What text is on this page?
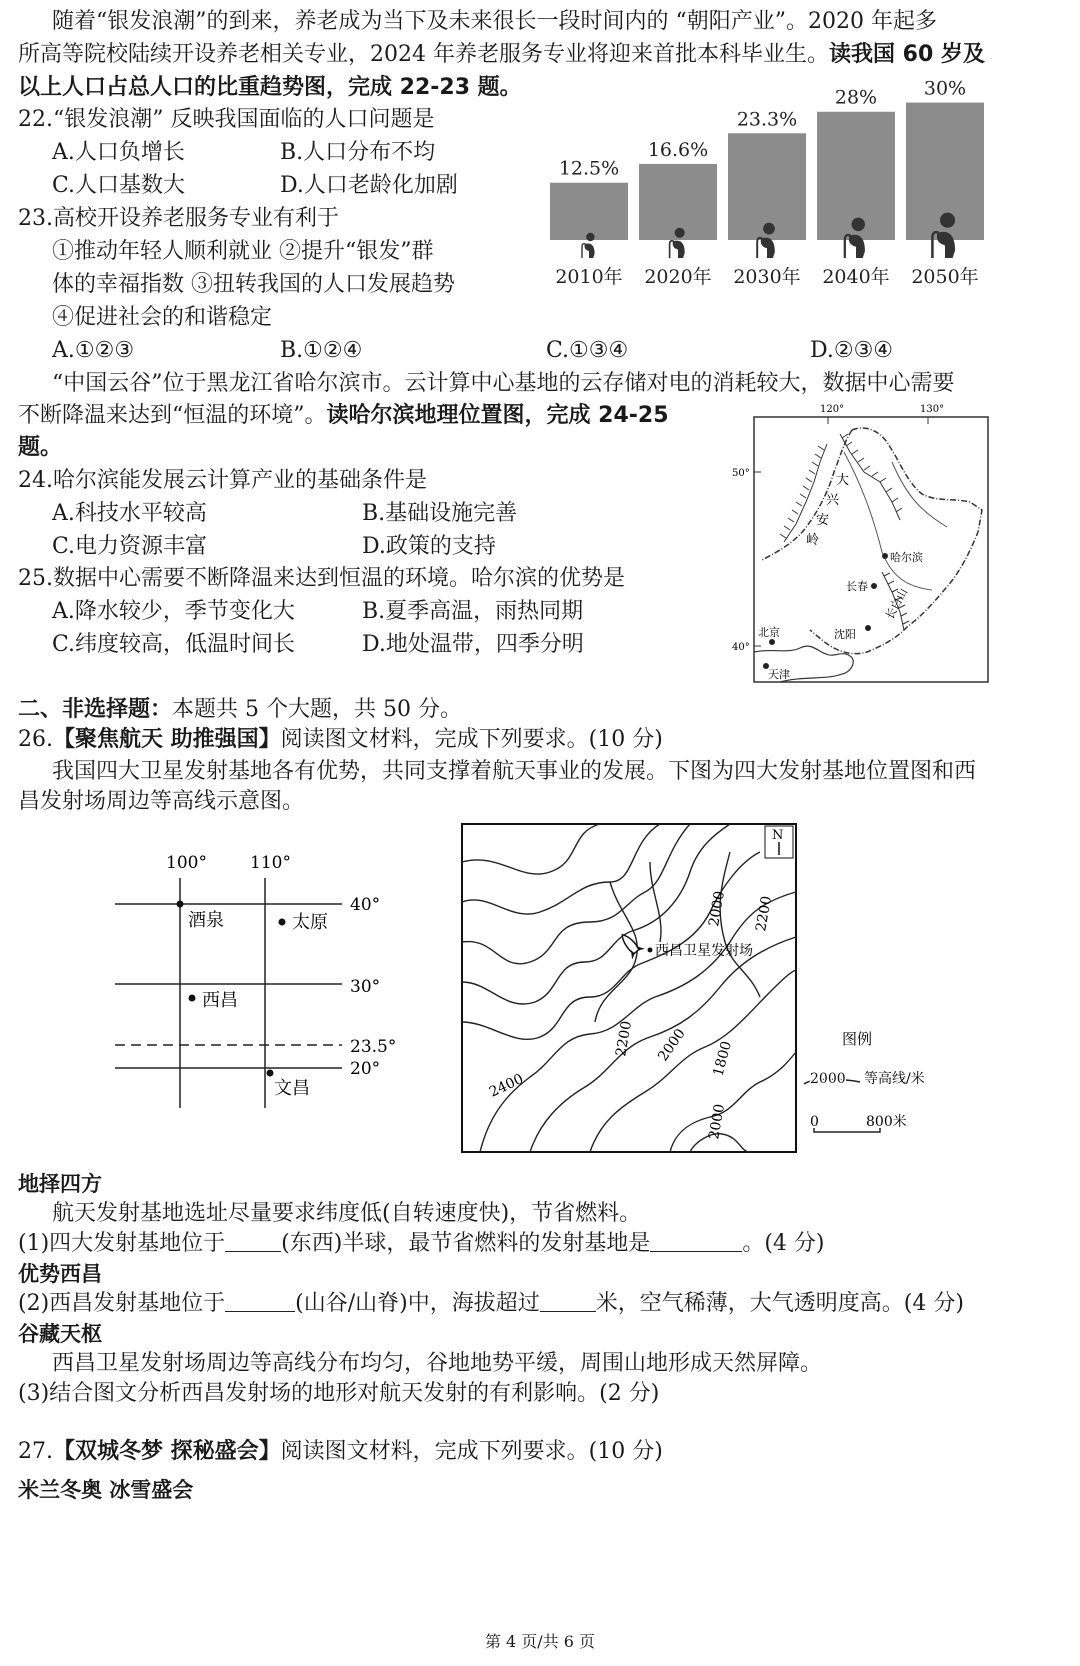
随着“银发浪潮”的到来，养老成为当下及未来很长一段时间内的 “朝阳产业”。2020 年起多
所高等院校陆续开设养老相关专业，2024 年养老服务专业将迎来首批本科毕业生。读我国 60 岁及
以上人口占总人口的比重趋势图，完成 22-23 题。
22.“银发浪潮” 反映我国面临的人口问题是
A.人口负增长	B.人口分布不均
C.人口基数大	D.人口老龄化加剧
23.高校开设养老服务专业有利于
①推动年轻人顺利就业 ②提升“银发”群
体的幸福指数 ③扭转我国的人口发展趋势
④促进社会的和谐稳定
A.①②③	B.①②④	C.①③④	D.②③④
12.5%
2010年
16.6%
2020年
23.3%
2030年
28%
2040年
30%
2050年
“中国云谷”位于黑龙江省哈尔滨市。云计算中心基地的云存储对电的消耗较大，数据中心需要
不断降温来达到“恒温的环境”。读哈尔滨地理位置图，完成 24-25
题。
24.哈尔滨能发展云计算产业的基础条件是
A.科技水平较高	B.基础设施完善
C.电力资源丰富	D.政策的支持
25.数据中心需要不断降温来达到恒温的环境。哈尔滨的优势是
A.降水较少，季节变化大	B.夏季高温，雨热同期
C.纬度较高，低温时间长	D.地处温带，四季分明
120°	130°
50°
40°
大
兴
安
岭
长白山
哈尔滨
长春
沈阳
北京
天津
二、非选择题：本题共 5 个大题，共 50 分。
26.【聚焦航天 助推强国】阅读图文材料，完成下列要求。(10 分)
我国四大卫星发射基地各有优势，共同支撑着航天事业的发展。下图为四大发射基地位置图和西
昌发射场周边等高线示意图。
100°	110°
40°
30°
23.5°
20°
酒泉	太原
西昌
文昌
N
2000 2200
2200 2000 1800
2400
2000
西昌卫星发射场
图例
2000 等高线/米
0	800米
地择四方
航天发射基地选址尽量要求纬度低(自转速度快)，节省燃料。
(1)四大发射基地位于	(东西)半球，最节省燃料的发射基地是	。(4 分)
优势西昌
(2)西昌发射基地位于	(山谷/山脊)中，海拔超过	米，空气稀薄，大气透明度高。(4 分)
谷藏天枢
西昌卫星发射场周边等高线分布均匀，谷地地势平缓，周围山地形成天然屏障。
(3)结合图文分析西昌发射场的地形对航天发射的有利影响。(2 分)
27.【双城冬梦 探秘盛会】阅读图文材料，完成下列要求。(10 分)
米兰冬奥 冰雪盛会
第 4 页/共 6 页
